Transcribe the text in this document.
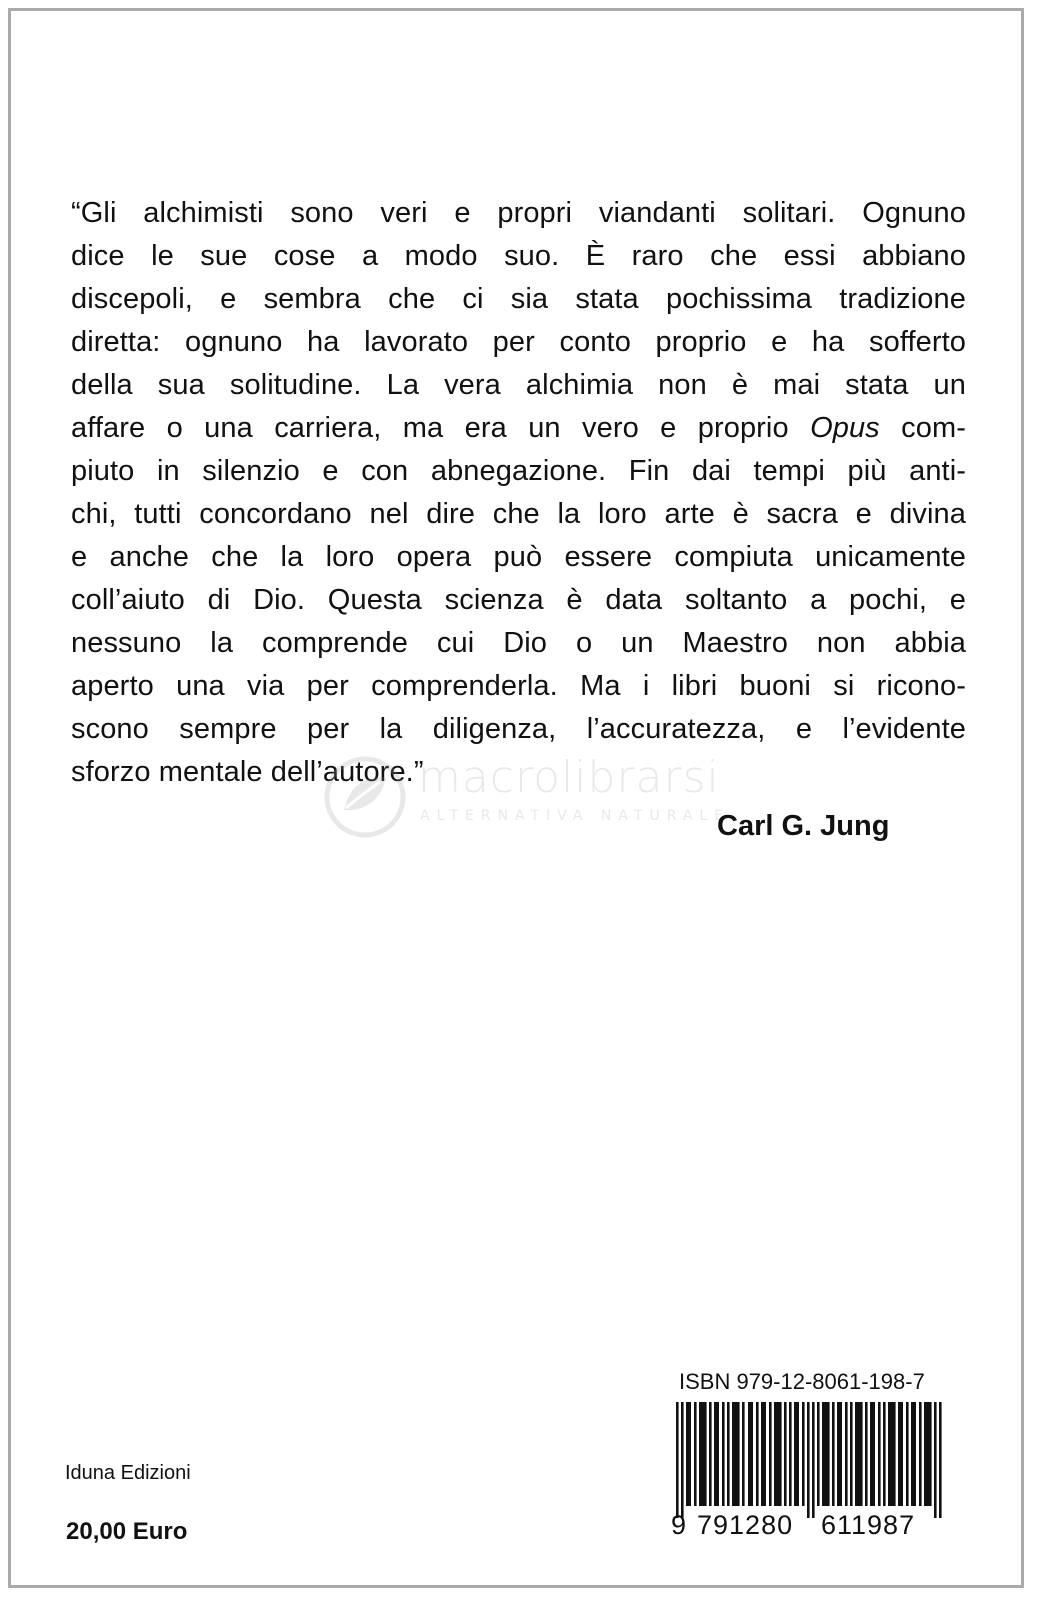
“Gli alchimisti sono veri e propri viandanti solitari. Ognuno
dice le sue cose a modo suo. È raro che essi abbiano
discepoli, e sembra che ci sia stata pochissima tradizione
diretta: ognuno ha lavorato per conto proprio e ha sofferto
della sua solitudine. La vera alchimia non è mai stata un
affare o una carriera, ma era un vero e proprio Opus com-
piuto in silenzio e con abnegazione. Fin dai tempi più anti-
chi, tutti concordano nel dire che la loro arte è sacra e divina
e anche che la loro opera può essere compiuta unicamente
coll’aiuto di Dio. Questa scienza è data soltanto a pochi, e
nessuno la comprende cui Dio o un Maestro non abbia
aperto una via per comprenderla. Ma i libri buoni si ricono-
scono sempre per la diligenza, l’accuratezza, e l’evidente
sforzo mentale dell’autore.”
macrolibrarsi
ALTERNATIVA NATURALE
Carl G. Jung
ISBN 979-12-8061-198-7
9 791280 611987
Iduna Edizioni
20,00 Euro
